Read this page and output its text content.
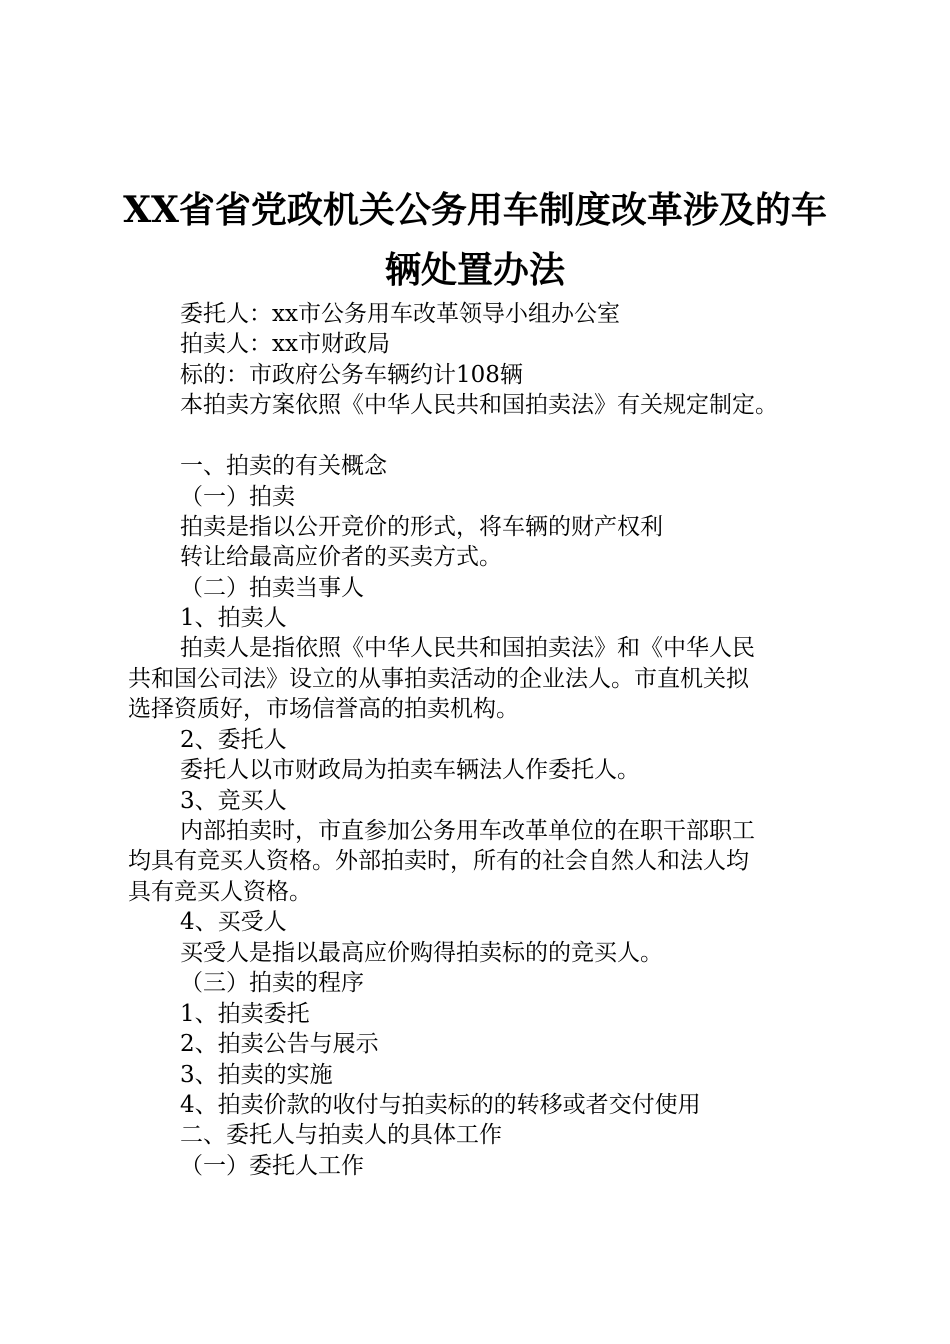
XX省省党政机关公务用车制度改革涉及的车
辆处置办法
委托人：xx市公务用车改革领导小组办公室
拍卖人：xx市财政局
标的：市政府公务车辆约计108辆
本拍卖方案依照《中华人民共和国拍卖法》有关规定制定。
一、拍卖的有关概念
（一）拍卖
拍卖是指以公开竞价的形式，将车辆的财产权利
转让给最高应价者的买卖方式。
（二）拍卖当事人
1、拍卖人
拍卖人是指依照《中华人民共和国拍卖法》和《中华人民
共和国公司法》设立的从事拍卖活动的企业法人。市直机关拟
选择资质好，市场信誉高的拍卖机构。
2、委托人
委托人以市财政局为拍卖车辆法人作委托人。
3、竞买人
内部拍卖时，市直参加公务用车改革单位的在职干部职工
均具有竞买人资格。外部拍卖时，所有的社会自然人和法人均
具有竞买人资格。
4、买受人
买受人是指以最高应价购得拍卖标的的竞买人。
（三）拍卖的程序
1、拍卖委托
2、拍卖公告与展示
3、拍卖的实施
4、拍卖价款的收付与拍卖标的的转移或者交付使用
二、委托人与拍卖人的具体工作
（一）委托人工作
